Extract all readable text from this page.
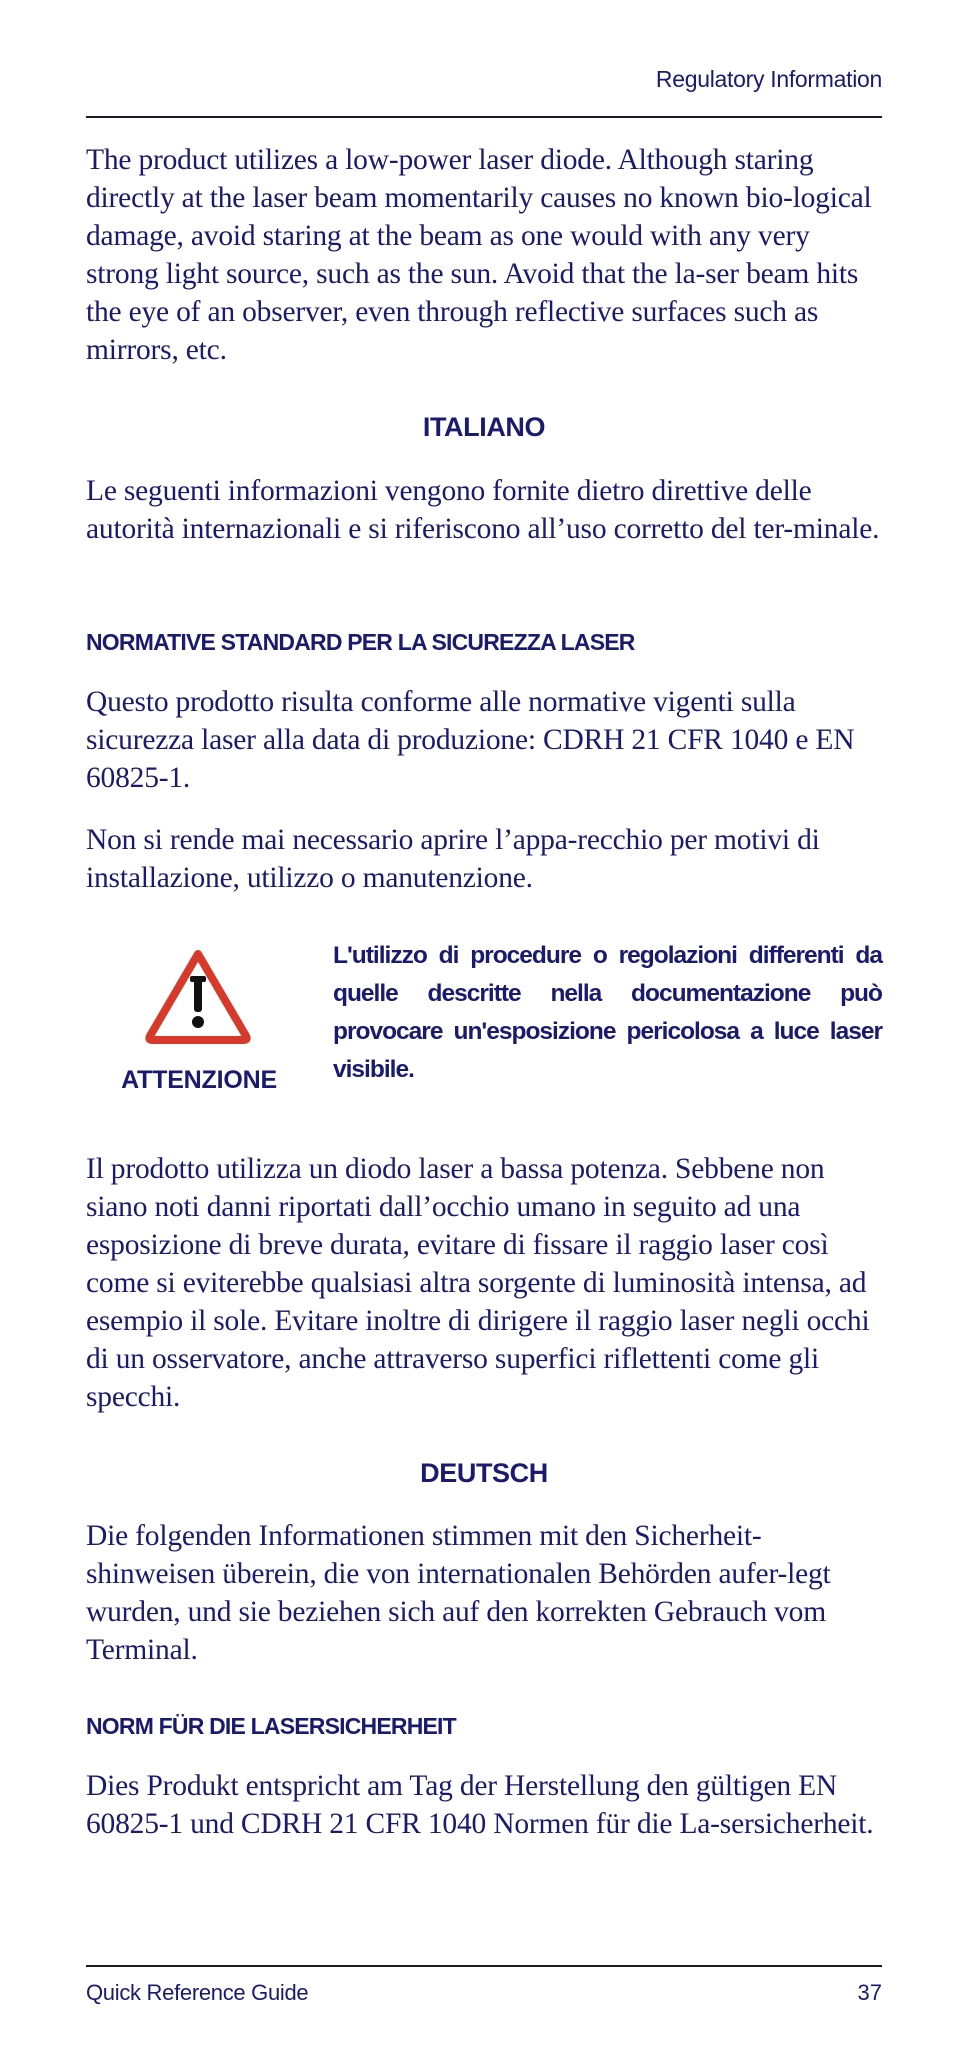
Regulatory Information

The product utilizes a low-power laser diode. Although staring directly at the laser beam momentarily causes no known bio-logical damage, avoid staring at the beam as one would with any very strong light source, such as the sun. Avoid that the la-ser beam hits the eye of an observer, even through reflective surfaces such as mirrors, etc.

ITALIANO

Le seguenti informazioni vengono fornite dietro direttive delle autorità internazionali e si riferiscono all’uso corretto del ter-minale.

NORMATIVE STANDARD PER LA SICUREZZA LASER

Questo prodotto risulta conforme alle normative vigenti sulla sicurezza laser alla data di produzione: CDRH 21 CFR 1040 e EN 60825-1.

Non si rende mai necessario aprire l’appa-recchio per motivi di installazione, utilizzo o manutenzione.

ATTENZIONE

L'utilizzo di procedure o regolazioni differenti da quelle descritte nella documentazione può provocare un'esposizione pericolosa a luce laser visibile.

Il prodotto utilizza un diodo laser a bassa potenza. Sebbene non siano noti danni riportati dall’occhio umano in seguito ad una esposizione di breve durata, evitare di fissare il raggio laser così come si eviterebbe qualsiasi altra sorgente di luminosità intensa, ad esempio il sole. Evitare inoltre di dirigere il raggio laser negli occhi di un osservatore, anche attraverso superfici riflettenti come gli specchi.

DEUTSCH

Die folgenden Informationen stimmen mit den Sicherheit-shinweisen überein, die von internationalen Behörden aufer-legt wurden, und sie beziehen sich auf den korrekten Gebrauch vom Terminal.

NORM FÜR DIE LASERSICHERHEIT

Dies Produkt entspricht am Tag der Herstellung den gültigen EN 60825-1 und CDRH 21 CFR 1040 Normen für die La-sersicherheit.

Quick Reference Guide	37
